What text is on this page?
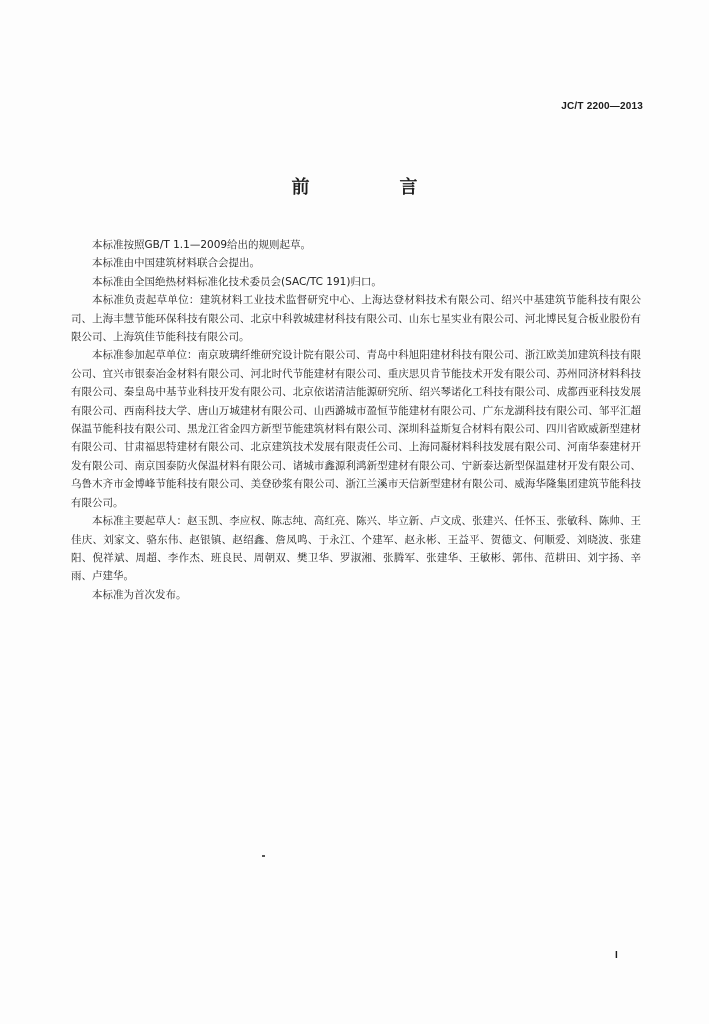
JC/T 2200—2013
前　言

本标准按照GB/T 1.1—2009给出的规则起草。

本标准由中国建筑材料联合会提出。

本标准由全国绝热材料标准化技术委员会(SAC/TC 191)归口。

本标准负责起草单位：建筑材料工业技术监督研究中心、上海达登材料技术有限公司、绍兴中基建筑节能科技有限公司、上海丰慧节能环保科技有限公司、北京中科敦城建材科技有限公司、山东七星实业有限公司、河北博民复合板业股份有限公司、上海筑佳节能科技有限公司。

本标准参加起草单位：南京玻璃纤维研究设计院有限公司、青岛中科旭阳建材科技有限公司、浙江欧美加建筑科技有限公司、宜兴市银泰冶金材料有限公司、河北时代节能建材有限公司、重庆思贝肯节能技术开发有限公司、苏州同济材料科技有限公司、秦皇岛中基节业科技开发有限公司、北京依诺清洁能源研究所、绍兴琴诺化工科技有限公司、成都西亚科技发展有限公司、西南科技大学、唐山万城建材有限公司、山西潞城市盈恒节能建材有限公司、广东龙湖科技有限公司、邹平汇超保温节能科技有限公司、黑龙江省金四方新型节能建筑材料有限公司、深圳科益斯复合材料有限公司、四川省欧威新型建材有限公司、甘肃福思特建材有限公司、北京建筑技术发展有限责任公司、上海同凝材料科技发展有限公司、河南华泰建材开发有限公司、南京国泰防火保温材料有限公司、诸城市鑫源利鸿新型建材有限公司、宁新泰达新型保温建材开发有限公司、乌鲁木齐市金博峰节能科技有限公司、美登砂浆有限公司、浙江兰溪市天信新型建材有限公司、威海华隆集团建筑节能科技有限公司。

本标准主要起草人：赵玉凯、李应权、陈志纯、高红亮、陈兴、毕立新、卢文成、张建兴、任怀玉、张敏科、陈帅、王佳庆、刘家文、骆东伟、赵银镇、赵绍鑫、詹凤鸣、于永江、个建军、赵永彬、王益平、贺德文、何顺爱、刘晓波、张建阳、倪祥斌、周超、李作杰、班良民、周朝双、樊卫华、罗淑湘、张腾军、张建华、王敏彬、郭伟、范耕田、刘宇扬、辛雨、卢建华。

本标准为首次发布。

I
